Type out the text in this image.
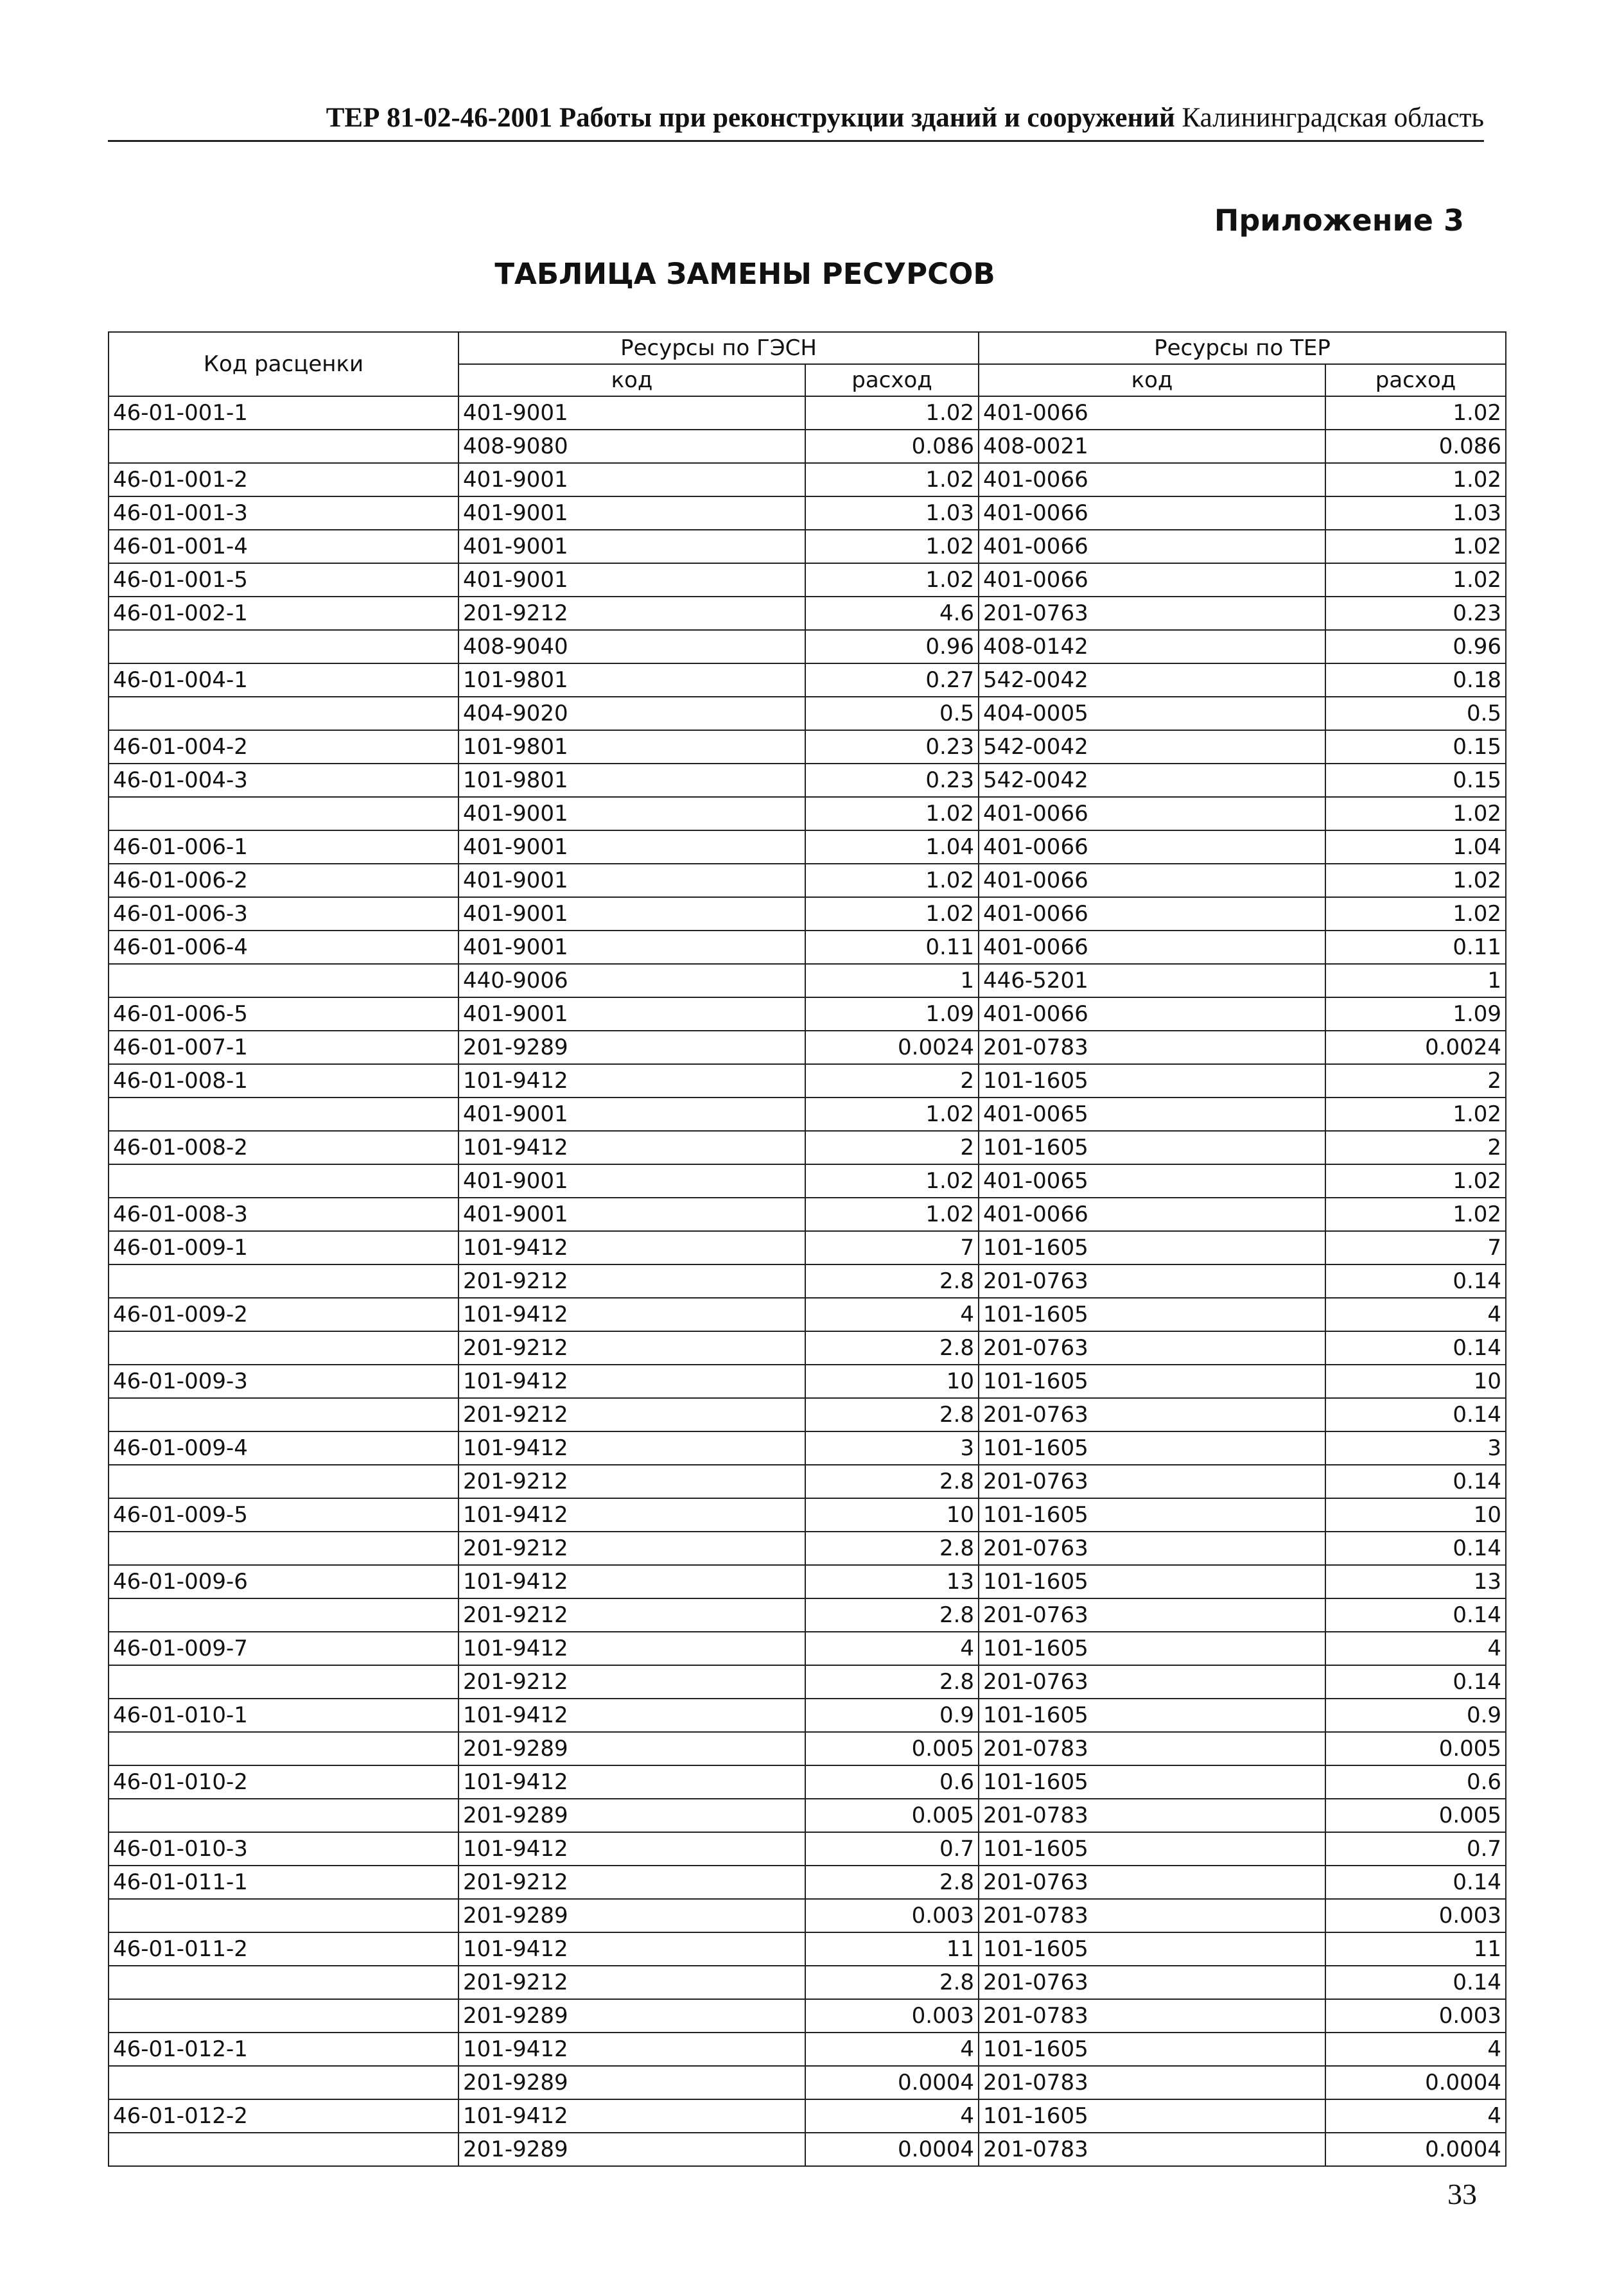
ТЕР 81-02-46-2001 Работы при реконструкции зданий и сооружений Калининградская область
Приложение 3
ТАБЛИЦА ЗАМЕНЫ РЕСУРСОВ
Код расценки	Ресурсы по ГЭСН		Ресурсы по ТЕР	
	код	расход	код	расход
46-01-001-1	401-9001	1.02	401-0066	1.02
	408-9080	0.086	408-0021	0.086
46-01-001-2	401-9001	1.02	401-0066	1.02
46-01-001-3	401-9001	1.03	401-0066	1.03
46-01-001-4	401-9001	1.02	401-0066	1.02
46-01-001-5	401-9001	1.02	401-0066	1.02
46-01-002-1	201-9212	4.6	201-0763	0.23
	408-9040	0.96	408-0142	0.96
46-01-004-1	101-9801	0.27	542-0042	0.18
	404-9020	0.5	404-0005	0.5
46-01-004-2	101-9801	0.23	542-0042	0.15
46-01-004-3	101-9801	0.23	542-0042	0.15
	401-9001	1.02	401-0066	1.02
46-01-006-1	401-9001	1.04	401-0066	1.04
46-01-006-2	401-9001	1.02	401-0066	1.02
46-01-006-3	401-9001	1.02	401-0066	1.02
46-01-006-4	401-9001	0.11	401-0066	0.11
	440-9006	1	446-5201	1
46-01-006-5	401-9001	1.09	401-0066	1.09
46-01-007-1	201-9289	0.0024	201-0783	0.0024
46-01-008-1	101-9412	2	101-1605	2
	401-9001	1.02	401-0065	1.02
46-01-008-2	101-9412	2	101-1605	2
	401-9001	1.02	401-0065	1.02
46-01-008-3	401-9001	1.02	401-0066	1.02
46-01-009-1	101-9412	7	101-1605	7
	201-9212	2.8	201-0763	0.14
46-01-009-2	101-9412	4	101-1605	4
	201-9212	2.8	201-0763	0.14
46-01-009-3	101-9412	10	101-1605	10
	201-9212	2.8	201-0763	0.14
46-01-009-4	101-9412	3	101-1605	3
	201-9212	2.8	201-0763	0.14
46-01-009-5	101-9412	10	101-1605	10
	201-9212	2.8	201-0763	0.14
46-01-009-6	101-9412	13	101-1605	13
	201-9212	2.8	201-0763	0.14
46-01-009-7	101-9412	4	101-1605	4
	201-9212	2.8	201-0763	0.14
46-01-010-1	101-9412	0.9	101-1605	0.9
	201-9289	0.005	201-0783	0.005
46-01-010-2	101-9412	0.6	101-1605	0.6
	201-9289	0.005	201-0783	0.005
46-01-010-3	101-9412	0.7	101-1605	0.7
46-01-011-1	201-9212	2.8	201-0763	0.14
	201-9289	0.003	201-0783	0.003
46-01-011-2	101-9412	11	101-1605	11
	201-9212	2.8	201-0763	0.14
	201-9289	0.003	201-0783	0.003
46-01-012-1	101-9412	4	101-1605	4
	201-9289	0.0004	201-0783	0.0004
46-01-012-2	101-9412	4	101-1605	4
	201-9289	0.0004	201-0783	0.0004
33
